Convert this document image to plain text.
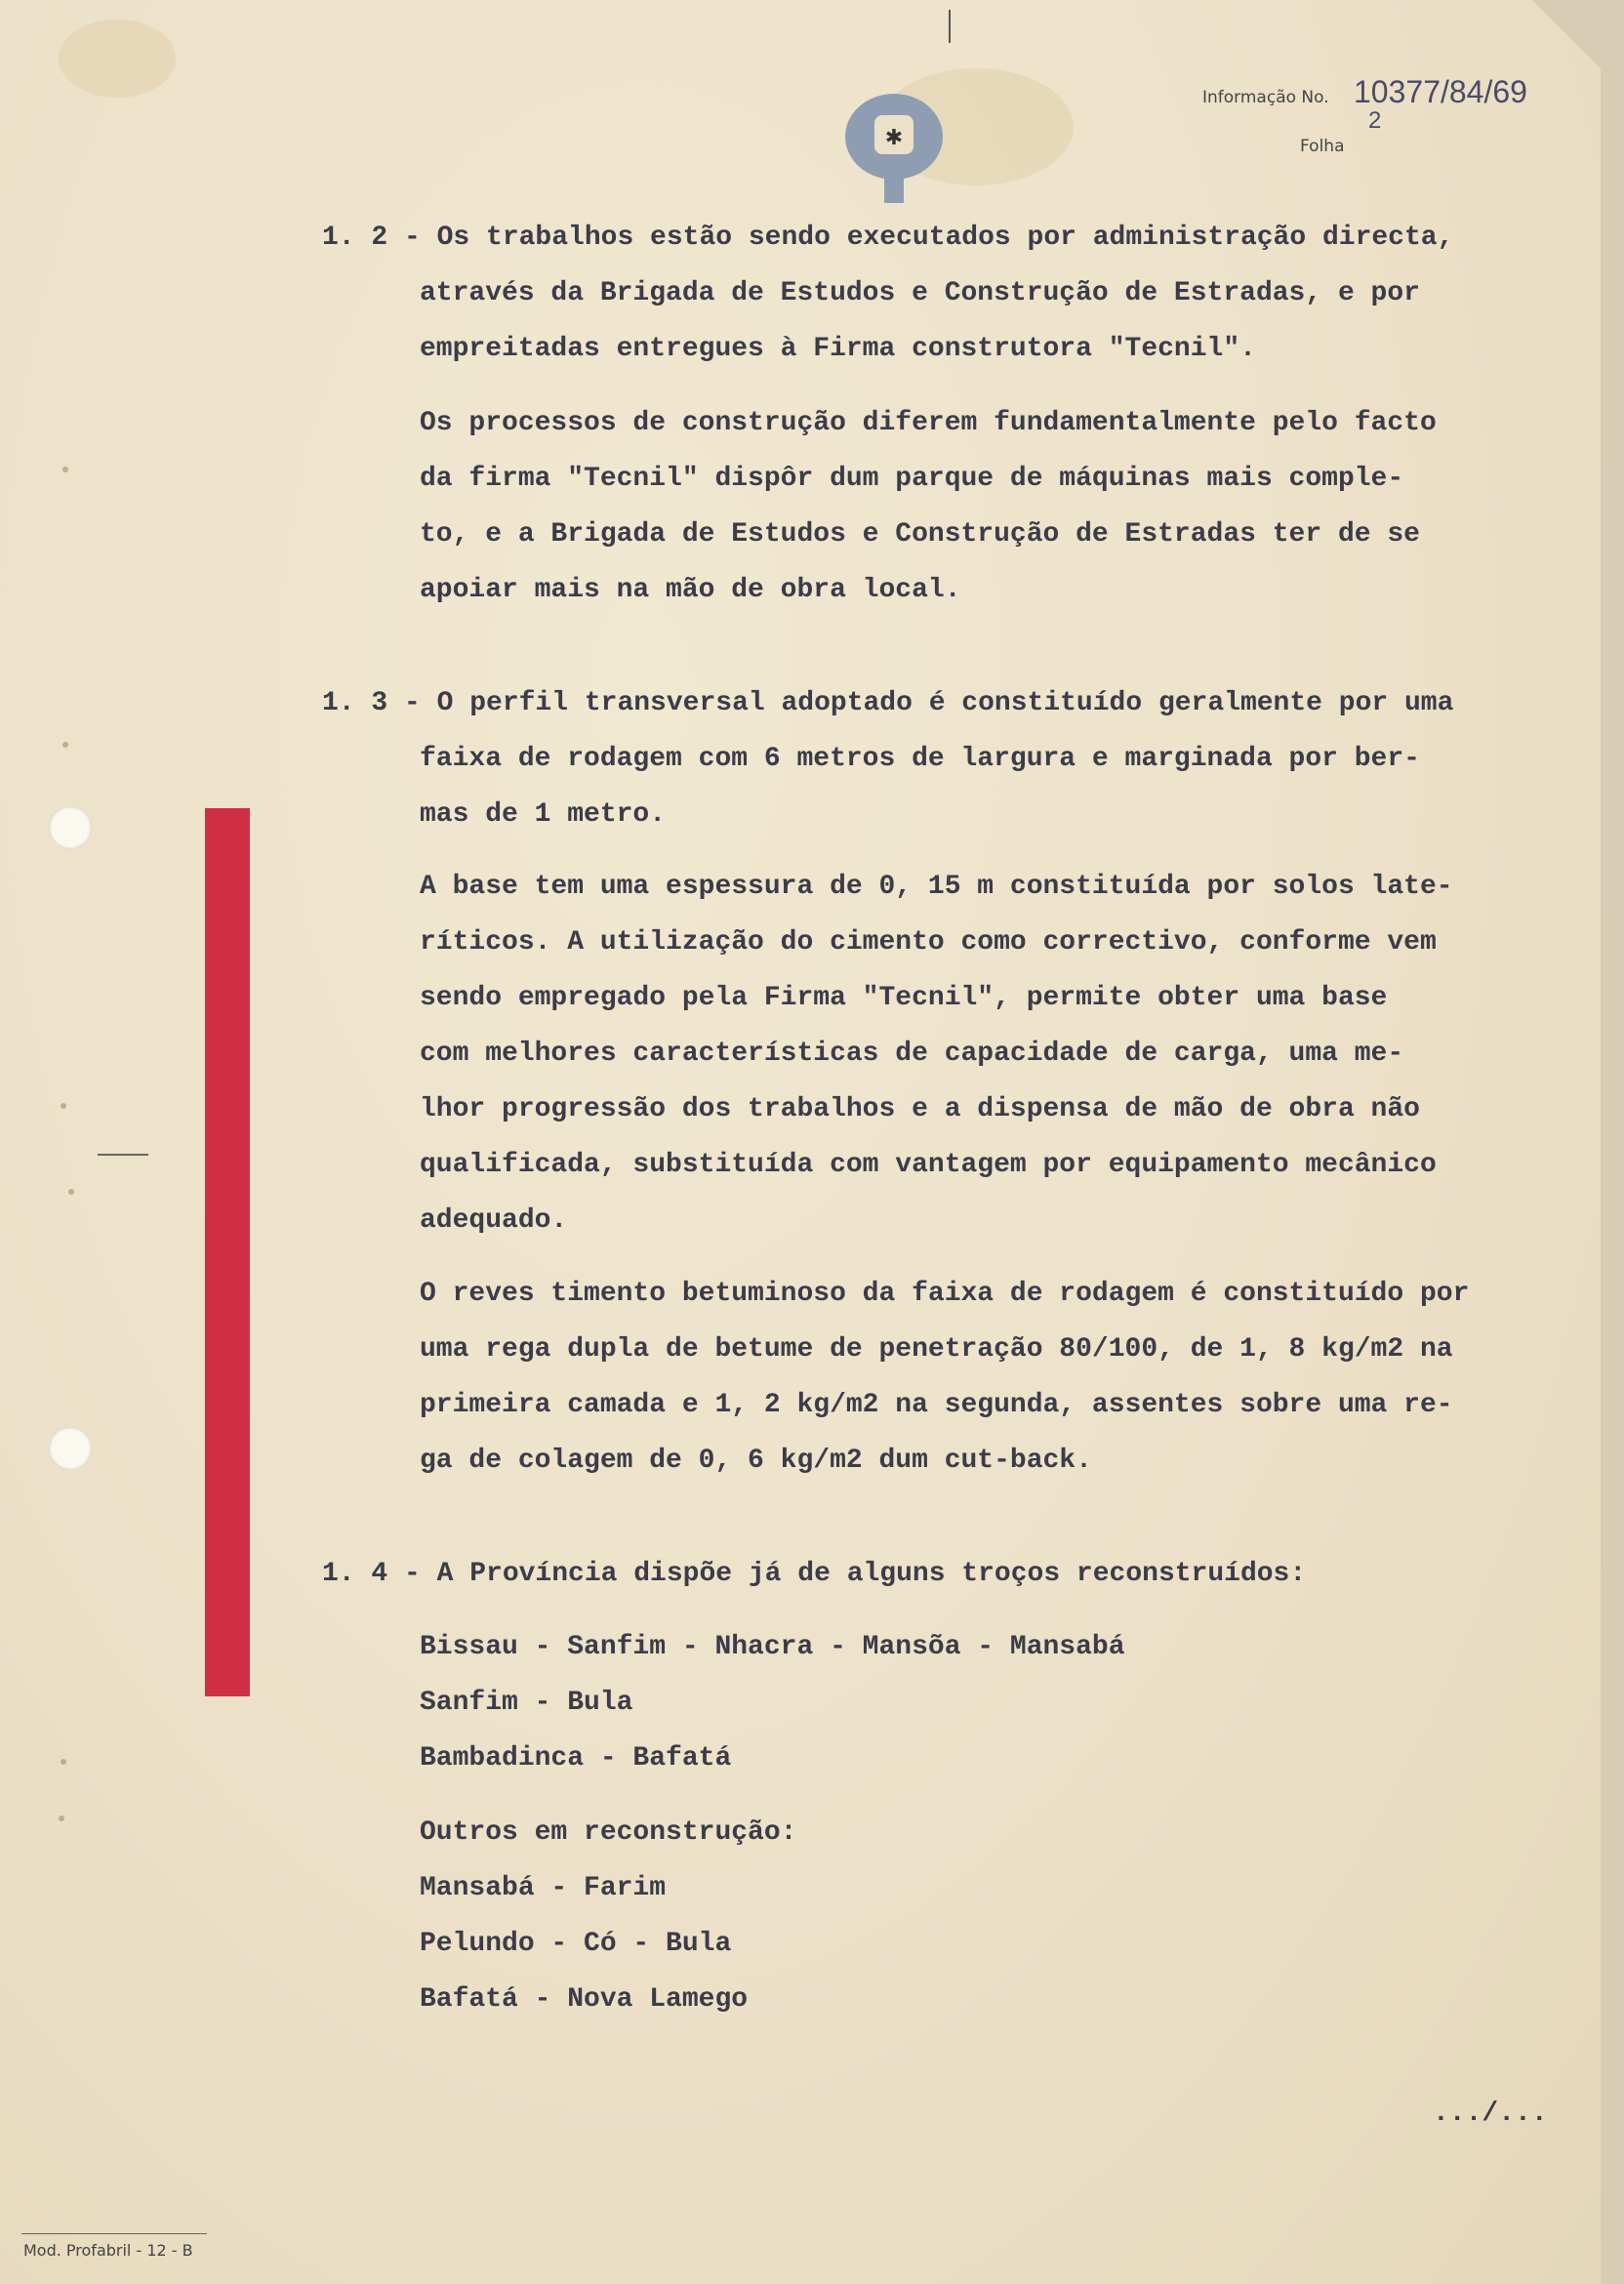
✱
Informação No. 10377/84/69
2
Folha
1. 2 - Os trabalhos estão sendo executados por administração directa,
através da Brigada de Estudos e Construção de Estradas, e por
empreitadas entregues à Firma construtora "Tecnil".
Os processos de construção diferem fundamentalmente pelo facto
da firma "Tecnil" dispôr dum parque de máquinas mais comple-
to, e a Brigada de Estudos e Construção de Estradas ter de se
apoiar mais na mão de obra local.
1. 3 - O perfil transversal adoptado é constituído geralmente por uma
faixa de rodagem com 6 metros de largura e marginada por ber-
mas de 1 metro.
A base tem uma espessura de 0, 15 m constituída por solos late-
ríticos. A utilização do cimento como correctivo, conforme vem
sendo empregado pela Firma "Tecnil", permite obter uma base
com melhores características de capacidade de carga, uma me-
lhor progressão dos trabalhos e a dispensa de mão de obra não
qualificada, substituída com vantagem por equipamento mecânico
adequado.
O reves timento betuminoso da faixa de rodagem é constituído por
uma rega dupla de betume de penetração 80/100, de 1, 8 kg/m2 na
primeira camada e 1, 2 kg/m2 na segunda, assentes sobre uma re-
ga de colagem de 0, 6 kg/m2 dum cut-back.
1. 4 - A Província dispõe já de alguns troços reconstruídos:
Bissau - Sanfim - Nhacra - Mansõa - Mansabá
Sanfim - Bula
Bambadinca - Bafatá
Outros em reconstrução:
Mansabá - Farim
Pelundo - Có - Bula
Bafatá - Nova Lamego
.../...
Mod. Profabril - 12 - B
